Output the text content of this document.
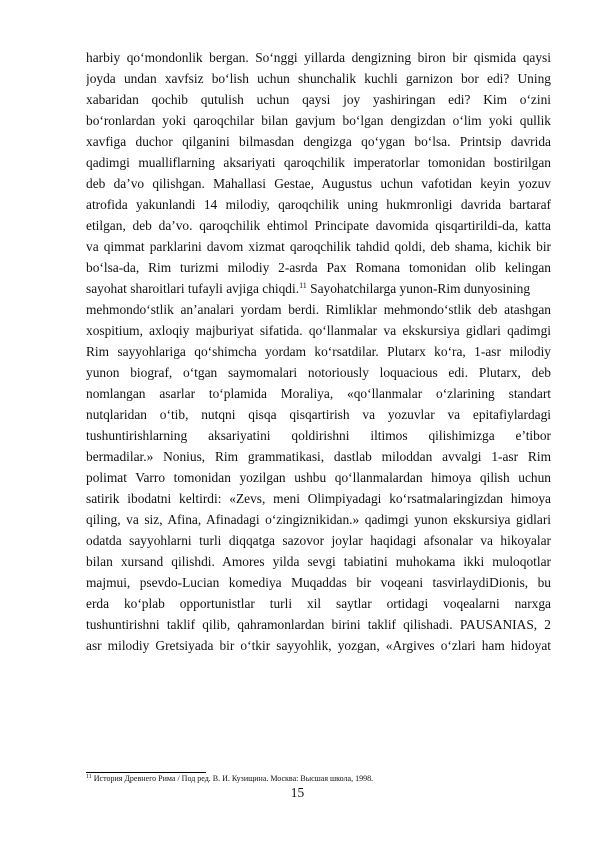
harbiy qo‘mondonlik bergan. So‘nggi yillarda dengizning biron bir qismida qaysi
joyda undan xavfsiz bo‘lish uchun shunchalik kuchli garnizon bor edi? Uning
xabaridan qochib qutulish uchun qaysi joy yashiringan edi? Kim o‘zini
bo‘ronlardan yoki qaroqchilar bilan gavjum bo‘lgan dengizdan o‘lim yoki qullik
xavfiga duchor qilganini bilmasdan dengizga qo‘ygan bo‘lsa. Printsip davrida
qadimgi mualliflarning aksariyati qaroqchilik imperatorlar tomonidan bostirilgan
deb da’vo qilishgan. Mahallasi Gestae, Augustus uchun vafotidan keyin yozuv
atrofida yakunlandi 14 milodiy, qaroqchilik uning hukmronligi davrida bartaraf
etilgan, deb da’vo. qaroqchilik ehtimol Principate davomida qisqartirildi-da, katta
va qimmat parklarini davom xizmat qaroqchilik tahdid qoldi, deb shama, kichik bir
bo‘lsa-da, Rim turizmi milodiy 2-asrda Pax Romana tomonidan olib kelingan
sayohat sharoitlari tufayli avjiga chiqdi.$^{11}$ Sayohatchilarga yunon-Rim dunyosining
mehmondo‘stlik an’analari yordam berdi. Rimliklar mehmondo‘stlik deb atashgan
xospitium, axloqiy majburiyat sifatida. qo‘llanmalar va ekskursiya gidlari qadimgi
Rim sayyohlariga qo‘shimcha yordam ko‘rsatdilar. Plutarx ko‘ra, 1-asr milodiy
yunon biograf, o‘tgan saymomalari notoriously loquacious edi. Plutarx, deb
nomlangan asarlar to‘plamida Moraliya, «qo‘llanmalar o‘zlarining standart
nutqlaridan o‘tib, nutqni qisqa qisqartirish va yozuvlar va epitafiylardagi
tushuntirishlarning aksariyatini qoldirishni iltimos qilishimizga e’tibor
bermadilar.» Nonius, Rim grammatikasi, dastlab miloddan avvalgi 1-asr Rim
polimat Varro tomonidan yozilgan ushbu qo‘llanmalardan himoya qilish uchun
satirik ibodatni keltirdi: «Zevs, meni Olimpiyadagi ko‘rsatmalaringizdan himoya
qiling, va siz, Afina, Afinadagi o‘zingiznikidan.» qadimgi yunon ekskursiya gidlari
odatda sayyohlarni turli diqqatga sazovor joylar haqidagi afsonalar va hikoyalar
bilan xursand qilishdi. Amores yilda sevgi tabiatini muhokama ikki muloqotlar
majmui, psevdo-Lucian komediya Muqaddas bir voqeani tasvirlaydiDionis, bu
erda ko‘plab opportunistlar turli xil saytlar ortidagi voqealarni narxga
tushuntirishni taklif qilib, qahramonlardan birini taklif qilishadi. PAUSANIAS, 2
asr milodiy Gretsiyada bir o‘tkir sayyohlik, yozgan, «Argives o‘zlari ham hidoyat
$^{11}$ История Древнего Рима / Под ред. В. И. Кузищина. Москва: Высшая школа, 1998.
15
